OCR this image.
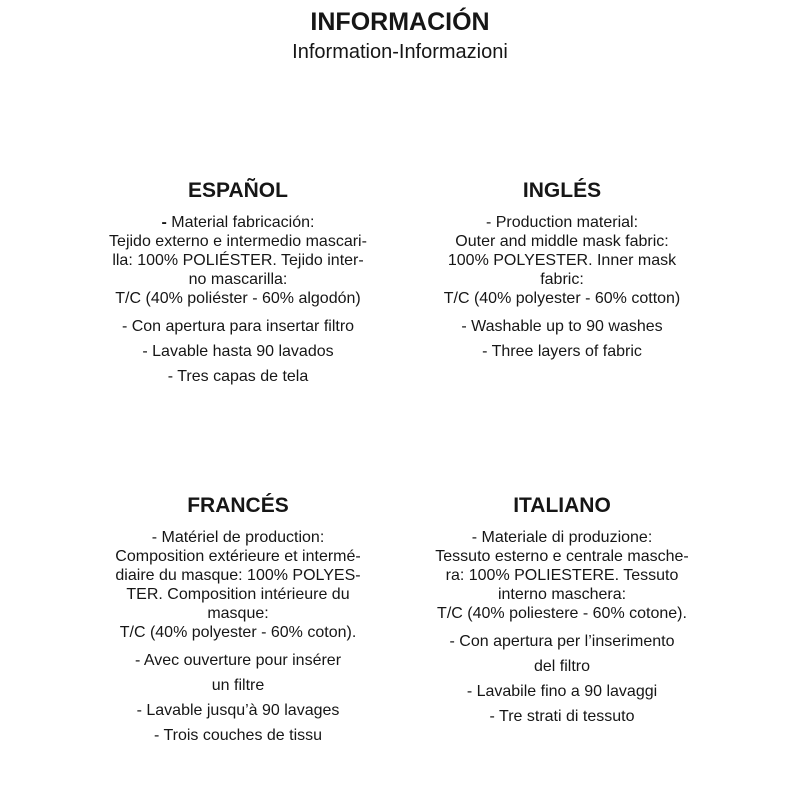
INFORMACIÓN
Information-Informazioni
ESPAÑOL

- Material fabricación:
Tejido externo e intermedio mascari-
lla: 100% POLIÉSTER. Tejido inter-
no mascarilla:
T/C (40% poliéster - 60% algodón)

- Con apertura para insertar filtro
- Lavable hasta 90 lavados
- Tres capas de tela
INGLÉS

- Production material:
Outer and middle mask fabric:
100% POLYESTER. Inner mask
fabric:
T/C (40% polyester - 60% cotton)

- Washable up to 90 washes
- Three layers of fabric
FRANCÉS

- Matériel de production:
Composition extérieure et intermé-
diaire du masque: 100% POLYES-
TER. Composition intérieure du
masque:
T/C (40% polyester - 60% coton).

- Avec ouverture pour insérer
un filtre
- Lavable jusqu’à 90 lavages
- Trois couches de tissu
ITALIANO

- Materiale di produzione:
Tessuto esterno e centrale masche-
ra: 100% POLIESTERE. Tessuto
interno maschera:
T/C (40% poliestere - 60% cotone).

- Con apertura per l’inserimento
del filtro
- Lavabile fino a 90 lavaggi
- Tre strati di tessuto
